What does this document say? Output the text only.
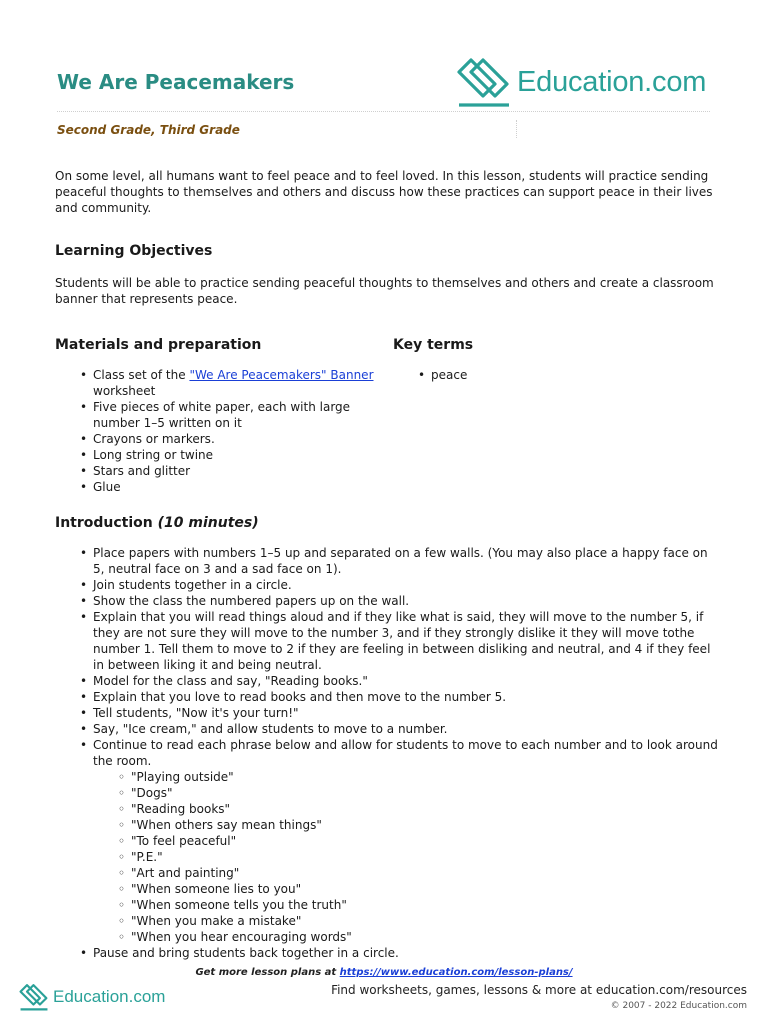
We Are Peacemakers	Education.com
Second Grade, Third Grade

On some level, all humans want to feel peace and to feel loved. In this lesson, students will practice sending peaceful thoughts to themselves and others and discuss how these practices can support peace in their lives and community.

Learning Objectives

Students will be able to practice sending peaceful thoughts to themselves and others and create a classroom banner that represents peace.

Materials and preparation	Key terms
• Class set of the "We Are Peacemakers" Banner worksheet
• Five pieces of white paper, each with large number 1–5 written on it
• Crayons or markers.
• Long string or twine
• Stars and glitter
• Glue
• peace
Introduction (10 minutes)
• Place papers with numbers 1–5 up and separated on a few walls. (You may also place a happy face on 5, neutral face on 3 and a sad face on 1).
• Join students together in a circle.
• Show the class the numbered papers up on the wall.
• Explain that you will read things aloud and if they like what is said, they will move to the number 5, if they are not sure they will move to the number 3, and if they strongly dislike it they will move tothe number 1. Tell them to move to 2 if they are feeling in between disliking and neutral, and 4 if they feel in between liking it and being neutral.
• Model for the class and say, "Reading books."
• Explain that you love to read books and then move to the number 5.
• Tell students, "Now it's your turn!"
• Say, "Ice cream," and allow students to move to a number.
• Continue to read each phrase below and allow for students to move to each number and to look around the room.
◦ "Playing outside"
◦ "Dogs"
◦ "Reading books"
◦ "When others say mean things"
◦ "To feel peaceful"
◦ "P.E."
◦ "Art and painting"
◦ "When someone lies to you"
◦ "When someone tells you the truth"
◦ "When you make a mistake"
◦ "When you hear encouraging words"
• Pause and bring students back together in a circle.
Get more lesson plans at https://www.education.com/lesson-plans/
Education.com	Find worksheets, games, lessons & more at education.com/resources
© 2007 - 2022 Education.com
